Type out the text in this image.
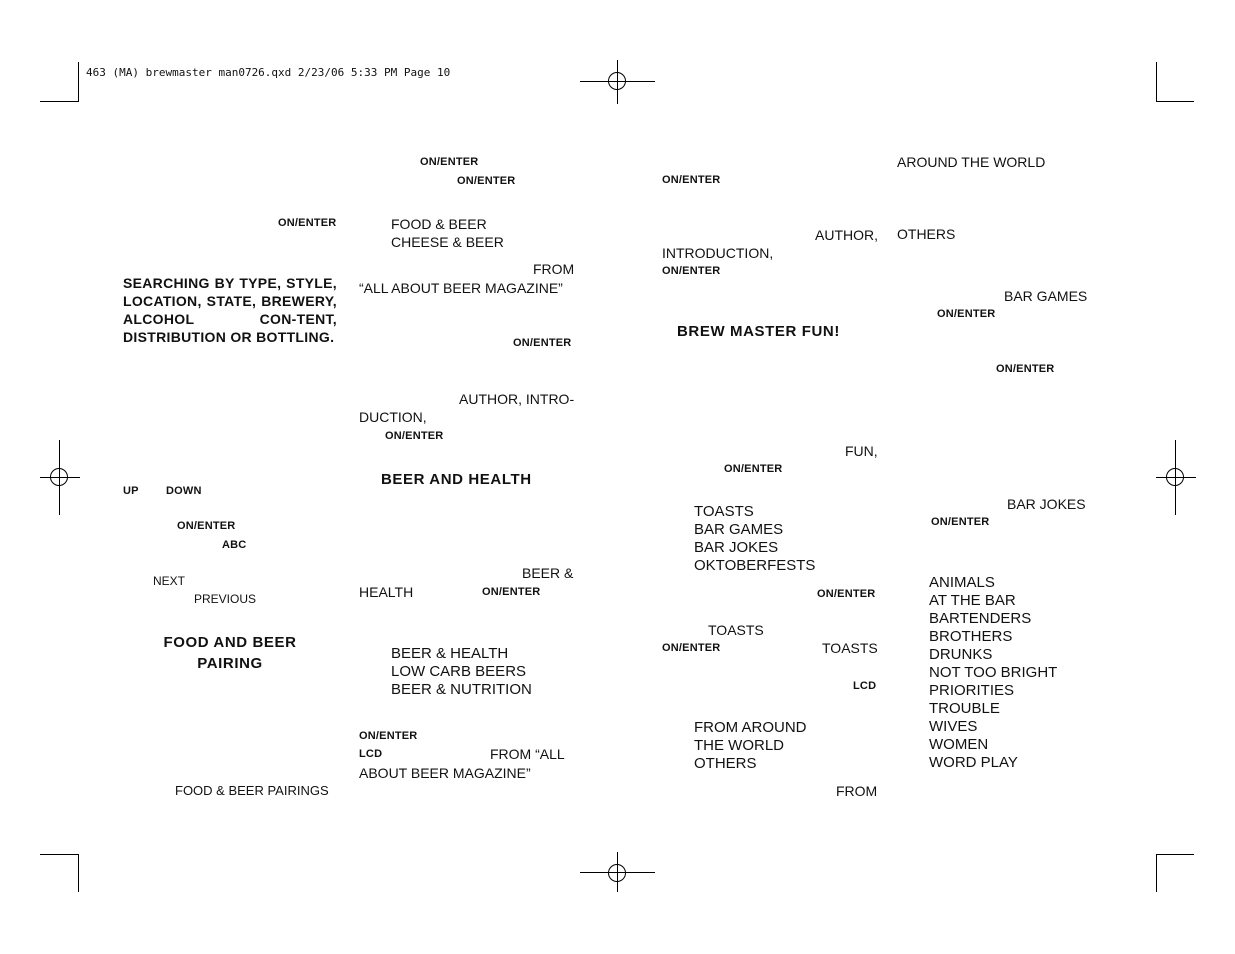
463 (MA) brewmaster man0726.qxd 2/23/06 5:33 PM Page 10
ON/ENTER
SEARCHING BY TYPE, STYLE, LOCATION, STATE, BREWERY, ALCOHOL CON-TENT, DISTRIBUTION OR BOTTLING.
UP DOWN
ON/ENTER
ABC
NEXT
PREVIOUS
FOOD AND BEER
PAIRING
FOOD & BEER PAIRINGS
ON/ENTER
ON/ENTER
FOOD & BEER
CHEESE & BEER
FROM
“ALL ABOUT BEER MAGAZINE”
ON/ENTER
AUTHOR, INTRO-
DUCTION,
ON/ENTER
BEER AND HEALTH
BEER &
HEALTH	ON/ENTER
BEER & HEALTH
LOW CARB BEERS
BEER & NUTRITION
ON/ENTER
LCD	FROM “ALL
ABOUT BEER MAGAZINE”
ON/ENTER
AUTHOR,
INTRODUCTION,
ON/ENTER
BREW MASTER FUN!
FUN,
ON/ENTER
TOASTS
BAR GAMES
BAR JOKES
OKTOBERFESTS
ON/ENTER
TOASTS
ON/ENTER	TOASTS
LCD
FROM AROUND
THE WORLD
OTHERS
FROM
AROUND THE WORLD
OTHERS
BAR GAMES
ON/ENTER
ON/ENTER
BAR JOKES
ON/ENTER
ANIMALS
AT THE BAR
BARTENDERS
BROTHERS
DRUNKS
NOT TOO BRIGHT
PRIORITIES
TROUBLE
WIVES
WOMEN
WORD PLAY
